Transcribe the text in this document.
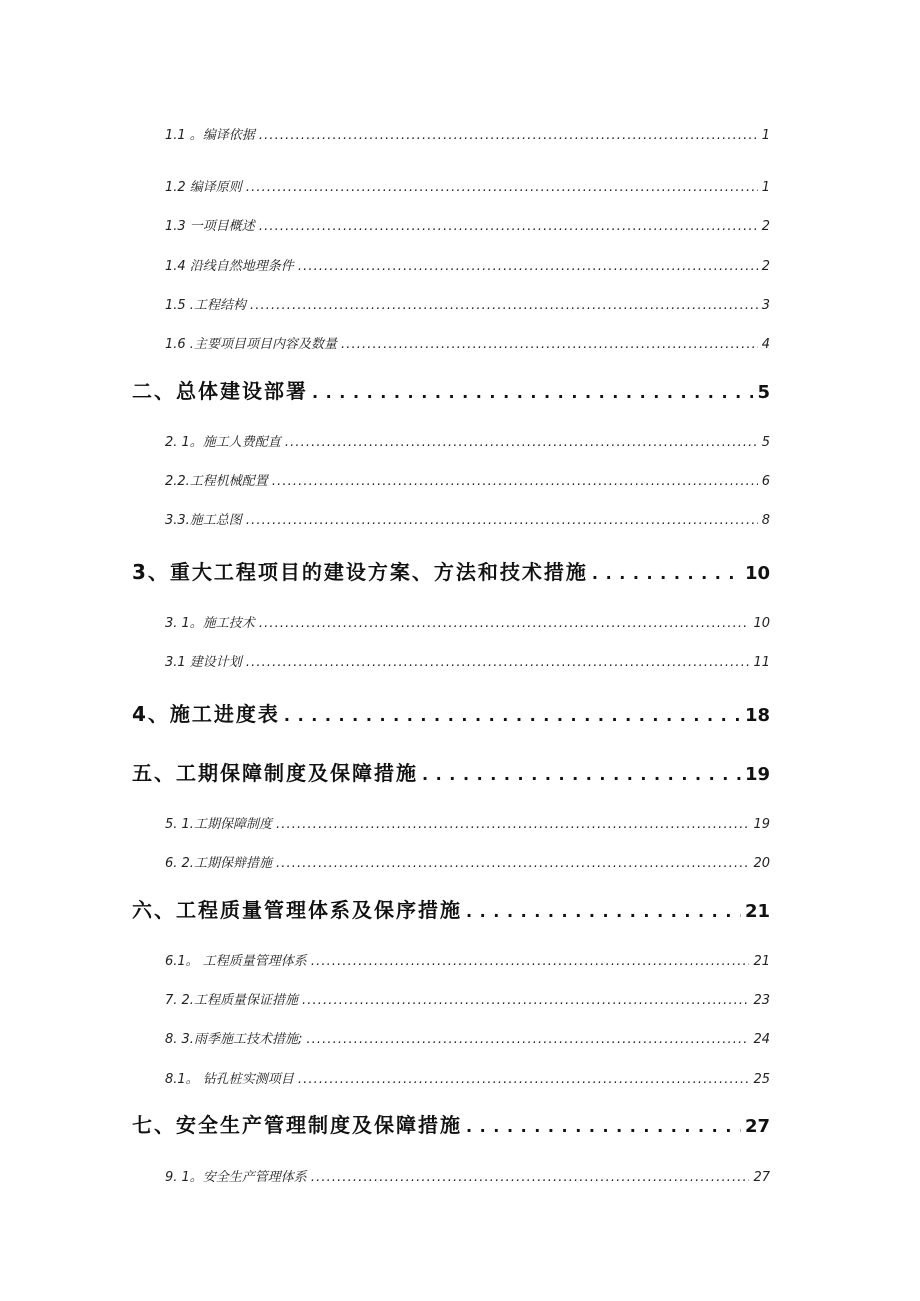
1.1 。编译依据 . . .	1
1.2 编译原则 . . .	1
1.3 一项目概述 . . .	2
1.4 沿线自然地理条件 . . .	2
1.5 .工程结构 . . .	3
1.6 .主要项目项目内容及数量 . . .	4
二、总体建设部署 . . .	5
2. 1。施工人费配直 . . .	5
2.2.工程机械配置 . . .	6
3.3.施工总图 . . .	8
3、重大工程项目的建设方案、方法和技术措施 . . .	10
3. 1。施工技术 . . .	10
3.1 建设计划 . . .	11
4、施工进度表 . . .	18
五、工期保障制度及保障措施 . . .	19
5. 1.工期保障制度 . . .	19
6. 2.工期保辩措施 . . .	20
六、工程质量管理体系及保序措施 . . .	21
6.1。 工程质量管理体系 . . .	21
7. 2.工程质量保证措施 . . .	23
8. 3.雨季施工技术措施; . . .	24
8.1。 钻孔桩实测项目 . . .	25
七、安全生产管理制度及保障措施 . . .	27
9. 1。安全生产管理体系 . . .	27
